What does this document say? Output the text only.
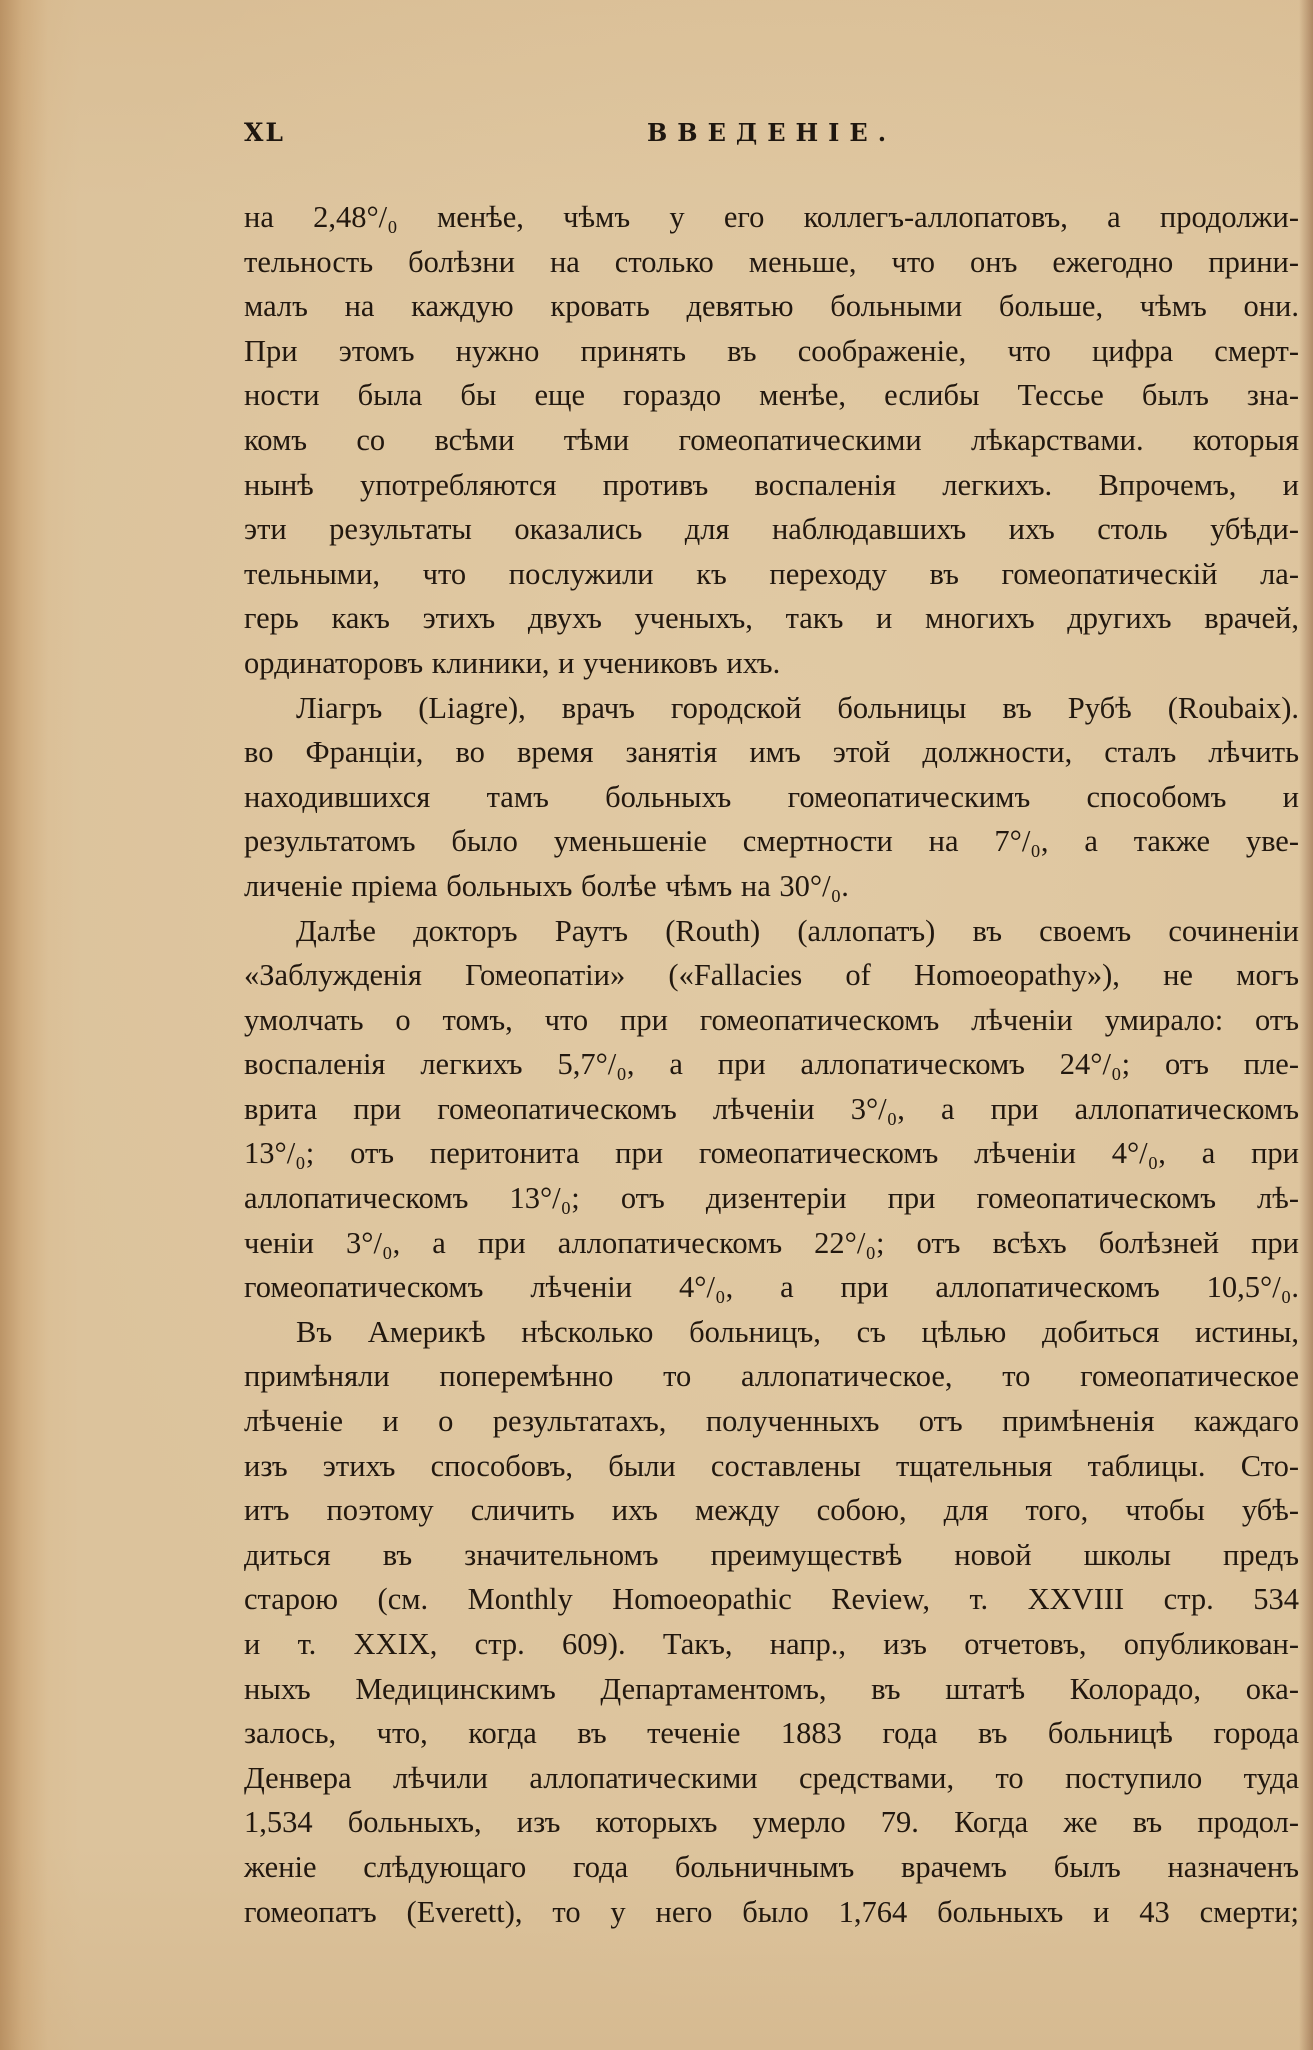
XL	ВВЕДЕНІЕ.

на 2,48°/₀ менѣе, чѣмъ у его коллегъ-аллопатовъ, а продолжи-
тельность болѣзни на столько меньше, что онъ ежегодно прини-
малъ на каждую кровать девятью больными больше, чѣмъ они.
При этомъ нужно принять въ соображеніе, что цифра смерт-
ности была бы еще гораздо менѣе, еслибы Тессье былъ зна-
комъ со всѣми тѣми гомеопатическими лѣкарствами. которыя
нынѣ употребляются противъ воспаленія легкихъ. Впрочемъ, и
эти результаты оказались для наблюдавшихъ ихъ столь убѣди-
тельными, что послужили къ переходу въ гомеопатическій ла-
герь какъ этихъ двухъ ученыхъ, такъ и многихъ другихъ врачей,
ординаторовъ клиники, и учениковъ ихъ.

Ліагръ (Liagre), врачъ городской больницы въ Рубѣ (Roubaix).
во Франціи, во время занятія имъ этой должности, сталъ лѣчить
находившихся тамъ больныхъ гомеопатическимъ способомъ и
результатомъ было уменьшеніе смертности на 7°/₀, а также уве-
личеніе пріема больныхъ болѣе чѣмъ на 30°/₀.

Далѣе докторъ Раутъ (Routh) (аллопатъ) въ своемъ сочиненіи
«Заблужденія Гомеопатіи» («Fallacies of Homoeopathy»), не могъ
умолчать о томъ, что при гомеопатическомъ лѣченіи умирало: отъ
воспаленія легкихъ 5,7°/₀, а при аллопатическомъ 24°/₀; отъ пле-
врита при гомеопатическомъ лѣченіи 3°/₀, а при аллопатическомъ
13°/₀; отъ перитонита при гомеопатическомъ лѣченіи 4°/₀, а при
аллопатическомъ 13°/₀; отъ дизентеріи при гомеопатическомъ лѣ-
ченіи 3°/₀, а при аллопатическомъ 22°/₀; отъ всѣхъ болѣзней при
гомеопатическомъ лѣченіи 4°/₀, а при аллопатическомъ 10,5°/₀.

Въ Америкѣ нѣсколько больницъ, съ цѣлью добиться истины,
примѣняли поперемѣнно то аллопатическое, то гомеопатическое
лѣченіе и о результатахъ, полученныхъ отъ примѣненія каждаго
изъ этихъ способовъ, были составлены тщательныя таблицы. Сто-
итъ поэтому сличить ихъ между собою, для того, чтобы убѣ-
диться въ значительномъ преимуществѣ новой школы предъ
старою (см. Monthly Homoeopathic Review, т. XXVIII стр. 534
и т. XXIX, стр. 609). Такъ, напр., изъ отчетовъ, опубликован-
ныхъ Медицинскимъ Департаментомъ, въ штатѣ Колорадо, ока-
залось, что, когда въ теченіе 1883 года въ больницѣ города
Денвера лѣчили аллопатическими средствами, то поступило туда
1,534 больныхъ, изъ которыхъ умерло 79. Когда же въ продол-
женіе слѣдующаго года больничнымъ врачемъ былъ назначенъ
гомеопатъ (Everett), то у него было 1,764 больныхъ и 43 смерти;
